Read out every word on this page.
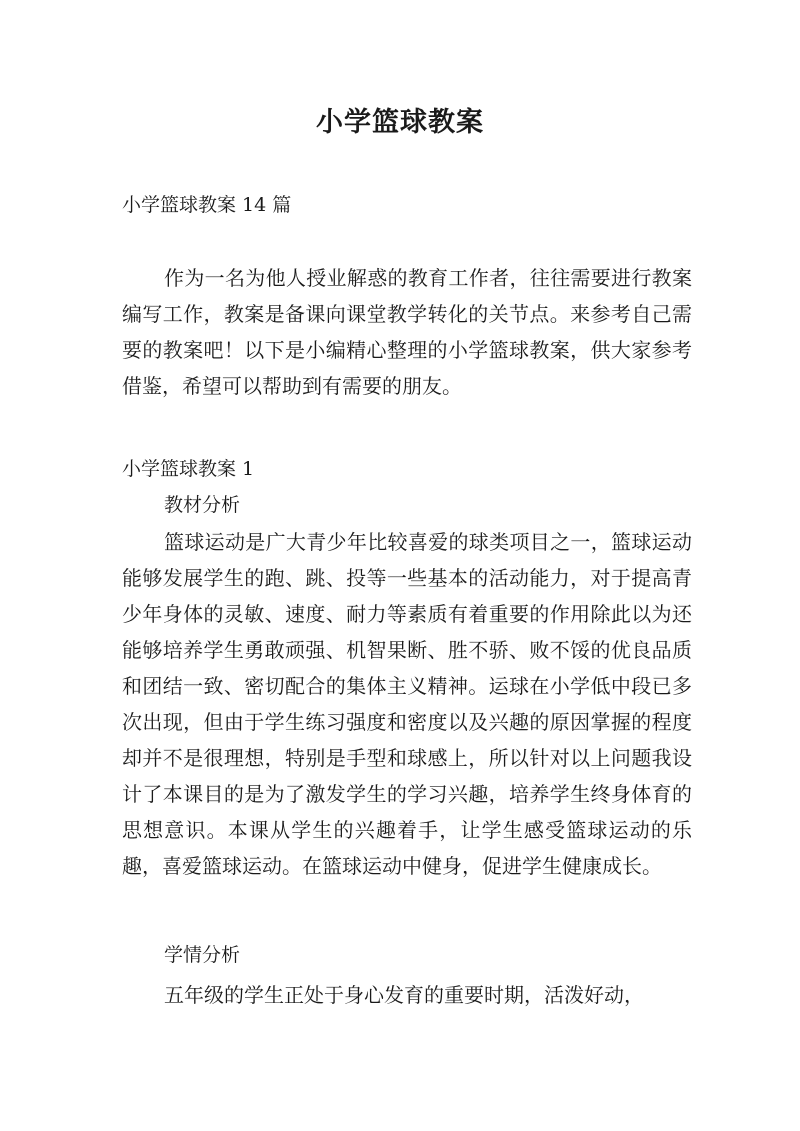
小学篮球教案
小学篮球教案 14 篇

作为一名为他人授业解惑的教育工作者，往往需要进行教案编写工作，教案是备课向课堂教学转化的关节点。来参考自己需要的教案吧！以下是小编精心整理的小学篮球教案，供大家参考借鉴，希望可以帮助到有需要的朋友。

小学篮球教案 1
教材分析

篮球运动是广大青少年比较喜爱的球类项目之一，篮球运动能够发展学生的跑、跳、投等一些基本的活动能力，对于提高青少年身体的灵敏、速度、耐力等素质有着重要的作用除此以为还能够培养学生勇敢顽强、机智果断、胜不骄、败不馁的优良品质和团结一致、密切配合的集体主义精神。运球在小学低中段已多次出现，但由于学生练习强度和密度以及兴趣的原因掌握的程度却并不是很理想，特别是手型和球感上，所以针对以上问题我设计了本课目的是为了激发学生的学习兴趣，培养学生终身体育的思想意识。本课从学生的兴趣着手，让学生感受篮球运动的乐趣，喜爱篮球运动。在篮球运动中健身，促进学生健康成长。

学情分析

五年级的学生正处于身心发育的重要时期，活泼好动，
